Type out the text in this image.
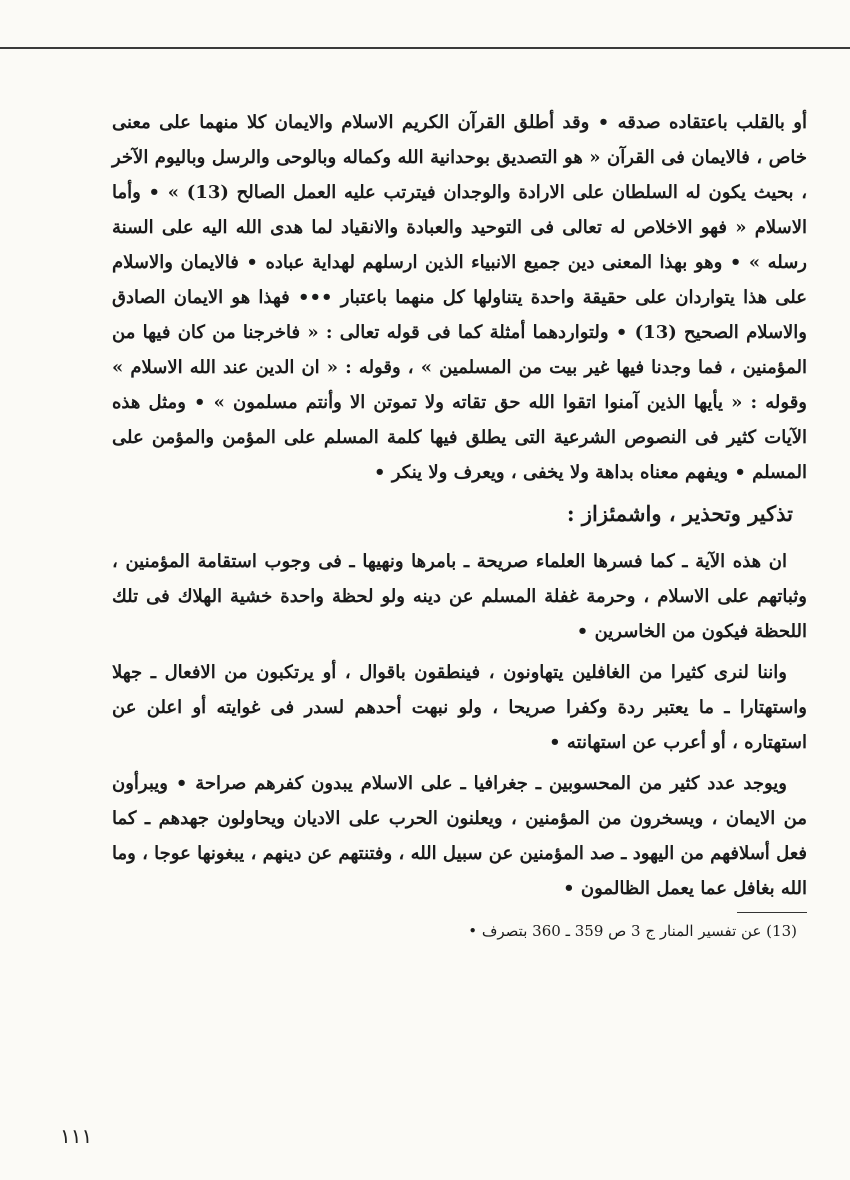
أو بالقلب باعتقاده صدقه • وقد أطلق القرآن الكريم الاسلام والايمان كلا منهما على معنى خاص ، فالايمان فى القرآن « هو التصديق بوحدانية الله وكماله وبالوحى والرسل وباليوم الآخر ، بحيث يكون له السلطان على الارادة والوجدان فيترتب عليه العمل الصالح (13) » • وأما الاسلام « فهو الاخلاص له تعالى فى التوحيد والعبادة والانقياد لما هدى الله اليه على السنة رسله » • وهو بهذا المعنى دين جميع الانبياء الذين ارسلهم لهداية عباده • فالايمان والاسلام على هذا يتواردان على حقيقة واحدة يتناولها كل منهما باعتبار ••• فهذا هو الايمان الصادق والاسلام الصحيح (13) • ولتواردهما أمثلة كما فى قوله تعالى : « فاخرجنا من كان فيها من المؤمنين ، فما وجدنا فيها غير بيت من المسلمين » ، وقوله : « ان الدين عند الله الاسلام » وقوله : « يأيها الذين آمنوا اتقوا الله حق تقاته ولا تموتن الا وأنتم مسلمون » • ومثل هذه الآيات كثير فى النصوص الشرعية التى يطلق فيها كلمة المسلم على المؤمن والمؤمن على المسلم • ويفهم معناه بداهة ولا يخفى ، ويعرف ولا ينكر •

تذكير وتحذير ، واشمئزاز :

ان هذه الآية ـ كما فسرها العلماء صريحة ـ بامرها ونهيها ـ فى وجوب استقامة المؤمنين ، وثباتهم على الاسلام ، وحرمة غفلة المسلم عن دينه ولو لحظة واحدة خشية الهلاك فى تلك اللحظة فيكون من الخاسرين •

واننا لنرى كثيرا من الغافلين يتهاونون ، فينطقون باقوال ، أو يرتكبون من الافعال ـ جهلا واستهتارا ـ ما يعتبر ردة وكفرا صريحا ، ولو نبهت أحدهم لسدر فى غوايته أو اعلن عن استهتاره ، أو أعرب عن استهانته •

ويوجد عدد كثير من المحسوبين ـ جغرافيا ـ على الاسلام يبدون كفرهم صراحة • ويبرأون من الايمان ، ويسخرون من المؤمنين ، ويعلنون الحرب على الاديان ويحاولون جهدهم ـ كما فعل أسلافهم من اليهود ـ صد المؤمنين عن سبيل الله ، وفتنتهم عن دينهم ، يبغونها عوجا ، وما الله بغافل عما يعمل الظالمون •

(13) عن تفسير المنار ج 3 ص 359 ـ 360 بتصرف •

١١١
